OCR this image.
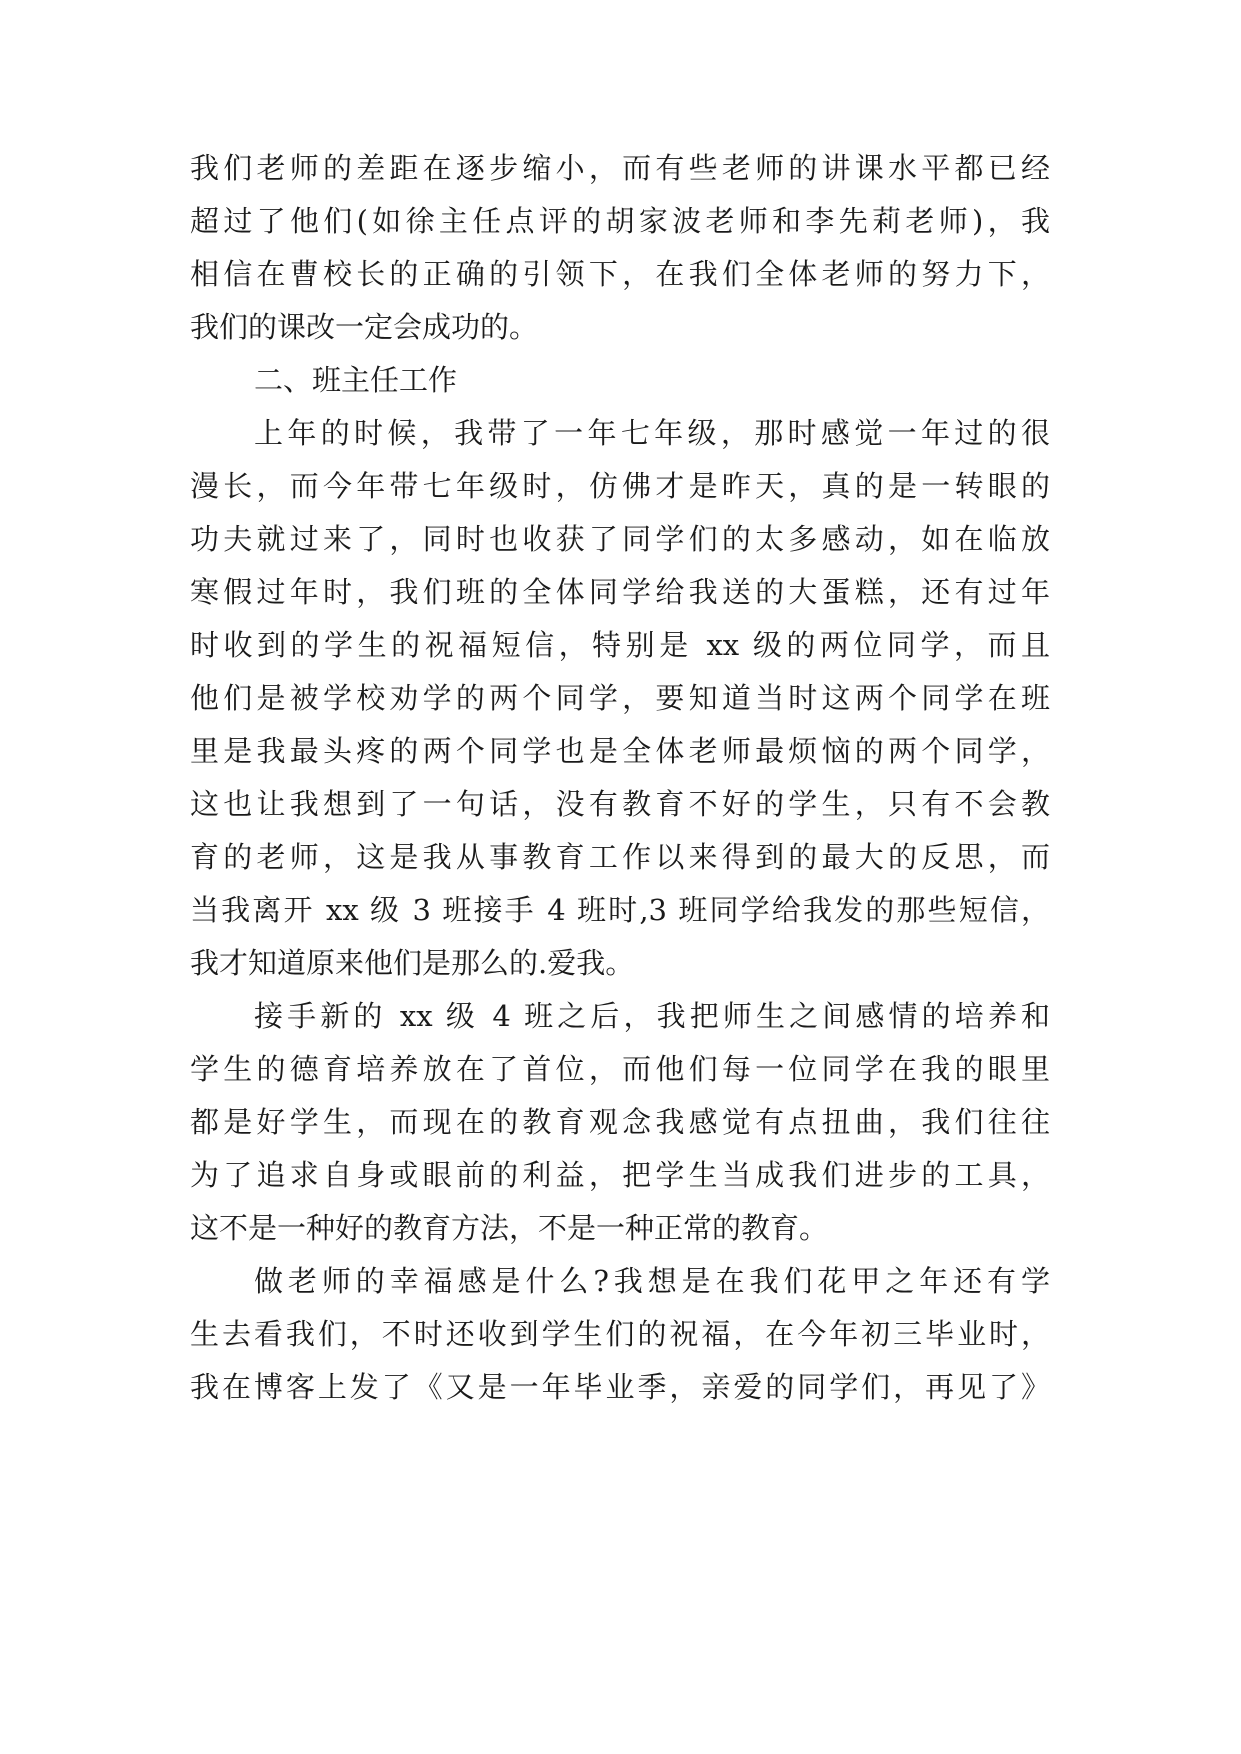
我们老师的差距在逐步缩小，而有些老师的讲课水平都已经
超过了他们(如徐主任点评的胡家波老师和李先莉老师)，我
相信在曹校长的正确的引领下，在我们全体老师的努力下，
我们的课改一定会成功的。
二、班主任工作
上年的时候，我带了一年七年级，那时感觉一年过的很
漫长，而今年带七年级时，仿佛才是昨天，真的是一转眼的
功夫就过来了，同时也收获了同学们的太多感动，如在临放
寒假过年时，我们班的全体同学给我送的大蛋糕，还有过年
时收到的学生的祝福短信，特别是 xx 级的两位同学，而且
他们是被学校劝学的两个同学，要知道当时这两个同学在班
里是我最头疼的两个同学也是全体老师最烦恼的两个同学，
这也让我想到了一句话，没有教育不好的学生，只有不会教
育的老师，这是我从事教育工作以来得到的最大的反思，而
当我离开 xx 级 3 班接手 4 班时,3 班同学给我发的那些短信，
我才知道原来他们是那么的.爱我。
接手新的 xx 级 4 班之后，我把师生之间感情的培养和
学生的德育培养放在了首位，而他们每一位同学在我的眼里
都是好学生，而现在的教育观念我感觉有点扭曲，我们往往
为了追求自身或眼前的利益，把学生当成我们进步的工具，
这不是一种好的教育方法，不是一种正常的教育。
做老师的幸福感是什么?我想是在我们花甲之年还有学
生去看我们，不时还收到学生们的祝福，在今年初三毕业时，
我在博客上发了《又是一年毕业季，亲爱的同学们，再见了》
